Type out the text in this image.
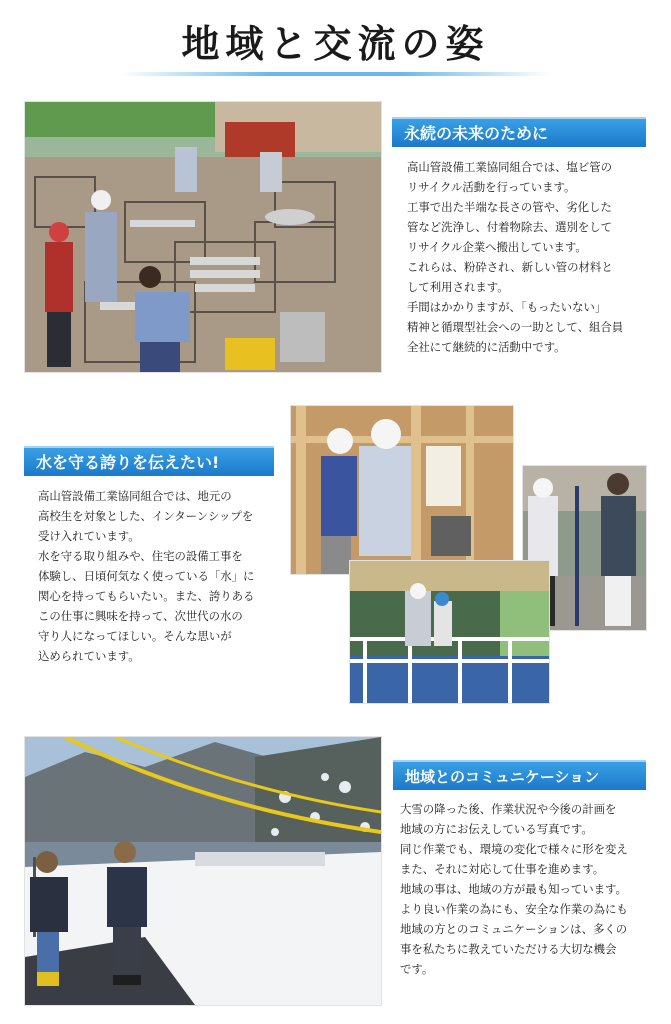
地域と交流の姿
永続の未来のために

高山管設備工業協同組合では、塩ビ管の

リサイクル活動を行っています。

工事で出た半端な長さの管や、劣化した

管など洗浄し、付着物除去、選別をして

リサイクル企業へ搬出しています。

これらは、粉砕され、新しい管の材料と

して利用されます。

手間はかかりますが、「もったいない」

精神と循環型社会への一助として、組合員

全社にて継続的に活動中です。

水を守る誇りを伝えたい!

高山管設備工業協同組合では、地元の

高校生を対象とした、インターンシップを

受け入れています。

水を守る取り組みや、住宅の設備工事を

体験し、日頃何気なく使っている「水」に

関心を持ってもらいたい。また、誇りある

この仕事に興味を持って、次世代の水の

守り人になってほしい。そんな思いが

込められています。

地域とのコミュニケーション

大雪の降った後、作業状況や今後の計画を

地域の方にお伝えしている写真です。

同じ作業でも、環境の変化で様々に形を変え

また、それに対応して仕事を進めます。

地域の事は、地域の方が最も知っています。

より良い作業の為にも、安全な作業の為にも

地域の方とのコミュニケーションは、多くの

事を私たちに教えていただける大切な機会

です。
